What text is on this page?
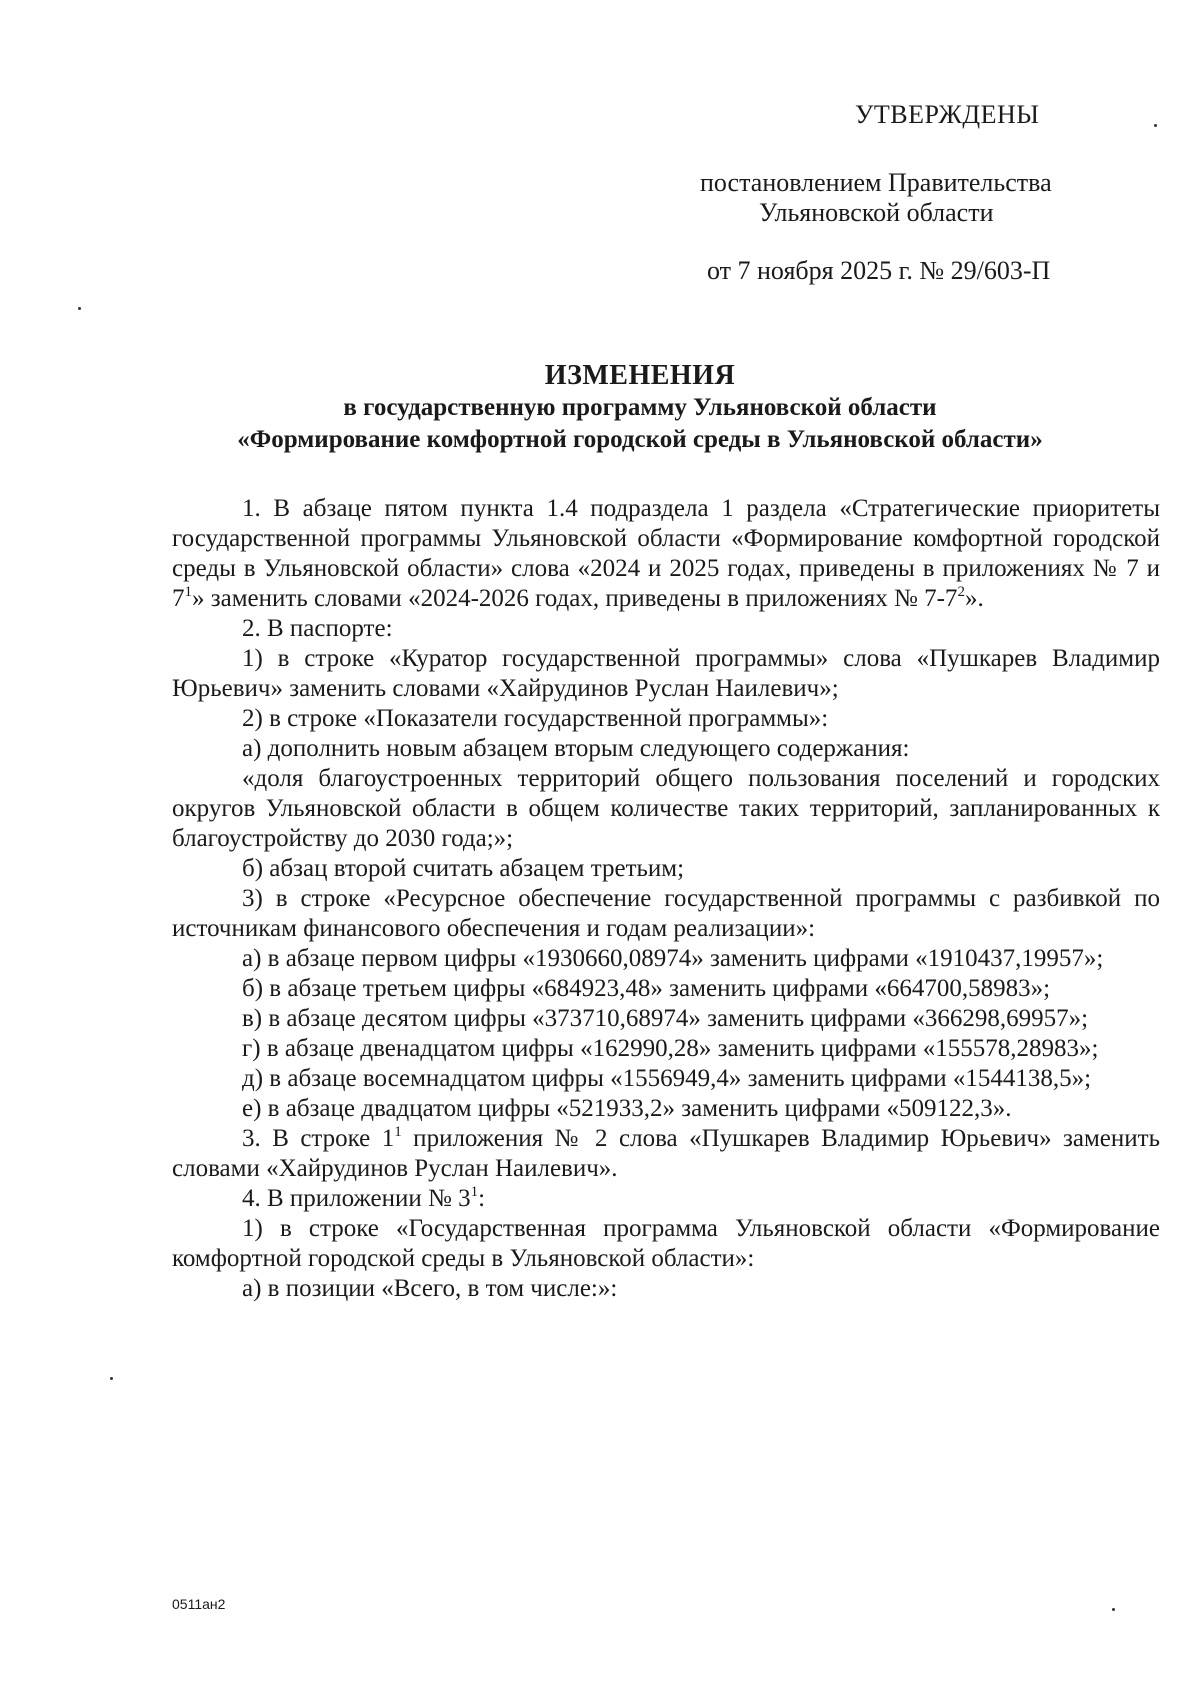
УТВЕРЖДЕНЫ
постановлением Правительства
Ульяновской области
от 7 ноября 2025 г. № 29/603-П
ИЗМЕНЕНИЯ
в государственную программу Ульяновской области
«Формирование комфортной городской среды в Ульяновской области»

1. В абзаце пятом пункта 1.4 подраздела 1 раздела «Стратегические приоритеты государственной программы Ульяновской области «Формирование комфортной городской среды в Ульяновской области» слова «2024 и 2025 годах, приведены в приложениях № 7 и $7^1$» заменить словами «2024-2026 годах, приведены в приложениях № $7-7^2$».

2. В паспорте:

1) в строке «Куратор государственной программы» слова «Пушкарев Владимир Юрьевич» заменить словами «Хайрудинов Руслан Наилевич»;

2) в строке «Показатели государственной программы»:

а) дополнить новым абзацем вторым следующего содержания:

«доля благоустроенных территорий общего пользования поселений и городских округов Ульяновской области в общем количестве таких территорий, запланированных к благоустройству до 2030 года;»;

б) абзац второй считать абзацем третьим;

3) в строке «Ресурсное обеспечение государственной программы с разбивкой по источникам финансового обеспечения и годам реализации»:

а) в абзаце первом цифры «1930660,08974» заменить цифрами «1910437,19957»;

б) в абзаце третьем цифры «684923,48» заменить цифрами «664700,58983»;

в) в абзаце десятом цифры «373710,68974» заменить цифрами «366298,69957»;

г) в абзаце двенадцатом цифры «162990,28» заменить цифрами «155578,28983»;

д) в абзаце восемнадцатом цифры «1556949,4» заменить цифрами «1544138,5»;

е) в абзаце двадцатом цифры «521933,2» заменить цифрами «509122,3».

3. В строке $1^1$ приложения № 2 слова «Пушкарев Владимир Юрьевич» заменить словами «Хайрудинов Руслан Наилевич».

4. В приложении № $3^1$:

1) в строке «Государственная программа Ульяновской области «Формирование комфортной городской среды в Ульяновской области»:

а) в позиции «Всего, в том числе:»:

0511ан2
